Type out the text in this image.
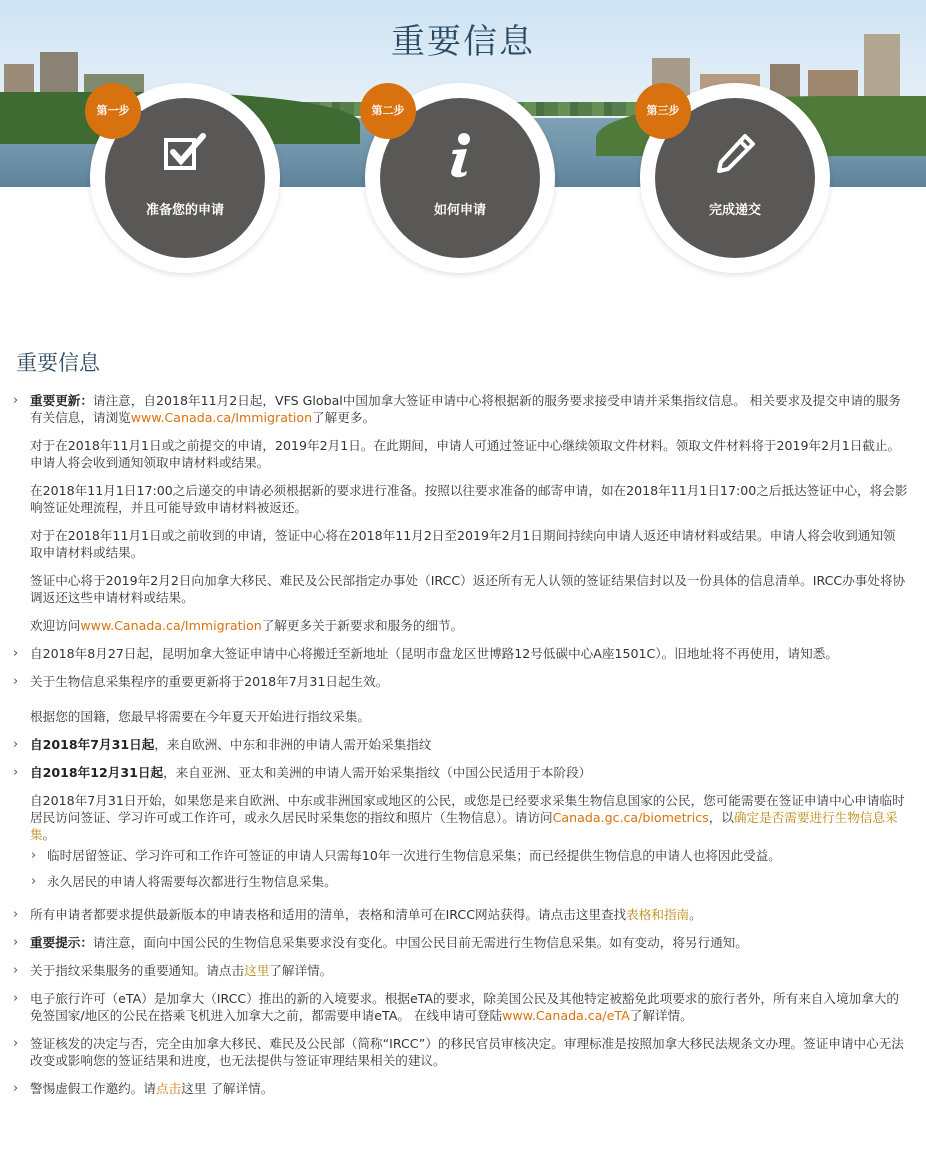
重要信息
准备您的申请
第一步
如何申请
第二步
完成递交
第三步
重要信息
› 重要更新：请注意，自2018年11月2日起，VFS Global中国加拿大签证申请中心将根据新的服务要求接受申请并采集指纹信息。 相关要求及提交申请的服务有关信息，请浏览www.Canada.ca/Immigration了解更多。
对于在2018年11月1日或之前提交的申请，2019年2月1日。在此期间，申请人可通过签证中心继续领取文件材料。领取文件材料将于2019年2月1日截止。 申请人将会收到通知领取申请材料或结果。
在2018年11月1日17:00之后递交的申请必须根据新的要求进行准备。按照以往要求准备的邮寄申请，如在2018年11月1日17:00之后抵达签证中心，将会影响签证处理流程，并且可能导致申请材料被返还。
对于在2018年11月1日或之前收到的申请，签证中心将在2018年11月2日至2019年2月1日期间持续向申请人返还申请材料或结果。申请人将会收到通知领取申请材料或结果。
签证中心将于2019年2月2日向加拿大移民、难民及公民部指定办事处（IRCC）返还所有无人认领的签证结果信封以及一份具体的信息清单。IRCC办事处将协调返还这些申请材料或结果。
欢迎访问www.Canada.ca/Immigration了解更多关于新要求和服务的细节。
› 自2018年8月27日起，昆明加拿大签证申请中心将搬迁至新地址（昆明市盘龙区世博路12号低碳中心A座1501C）。旧地址将不再使用，请知悉。
› 关于生物信息采集程序的重要更新将于2018年7月31日起生效。
根据您的国籍，您最早将需要在今年夏天开始进行指纹采集。
› 自2018年7月31日起，来自欧洲、中东和非洲的申请人需开始采集指纹
› 自2018年12月31日起，来自亚洲、亚太和美洲的申请人需开始采集指纹（中国公民适用于本阶段）
自2018年7月31日开始，如果您是来自欧洲、中东或非洲国家或地区的公民，或您是已经要求采集生物信息国家的公民，您可能需要在签证申请中心申请临时居民访问签证、学习许可或工作许可，或永久居民时采集您的指纹和照片（生物信息）。请访问Canada.gc.ca/biometrics，以确定是否需要进行生物信息采集。
› 临时居留签证、学习许可和工作许可签证的申请人只需每10年一次进行生物信息采集；而已经提供生物信息的申请人也将因此受益。
› 永久居民的申请人将需要每次都进行生物信息采集。
› 所有申请者都要求提供最新版本的申请表格和适用的清单，表格和清单可在IRCC网站获得。请点击这里查找表格和指南。
› 重要提示：请注意，面向中国公民的生物信息采集要求没有变化。中国公民目前无需进行生物信息采集。如有变动，将另行通知。
› 关于指纹采集服务的重要通知。请点击这里了解详情。
› 电子旅行许可（eTA）是加拿大（IRCC）推出的新的入境要求。根据eTA的要求，除美国公民及其他特定被豁免此项要求的旅行者外，所有来自入境加拿大的免签国家/地区的公民在搭乘飞机进入加拿大之前，都需要申请eTA。 在线申请可登陆www.Canada.ca/eTA了解详情。
› 签证核发的决定与否，完全由加拿大移民、难民及公民部（简称“IRCC”）的移民官员审核决定。审理标准是按照加拿大移民法规条文办理。签证申请中心无法改变或影响您的签证结果和进度，也无法提供与签证审理结果相关的建议。
› 警惕虚假工作邀约。请点击这里 了解详情。
